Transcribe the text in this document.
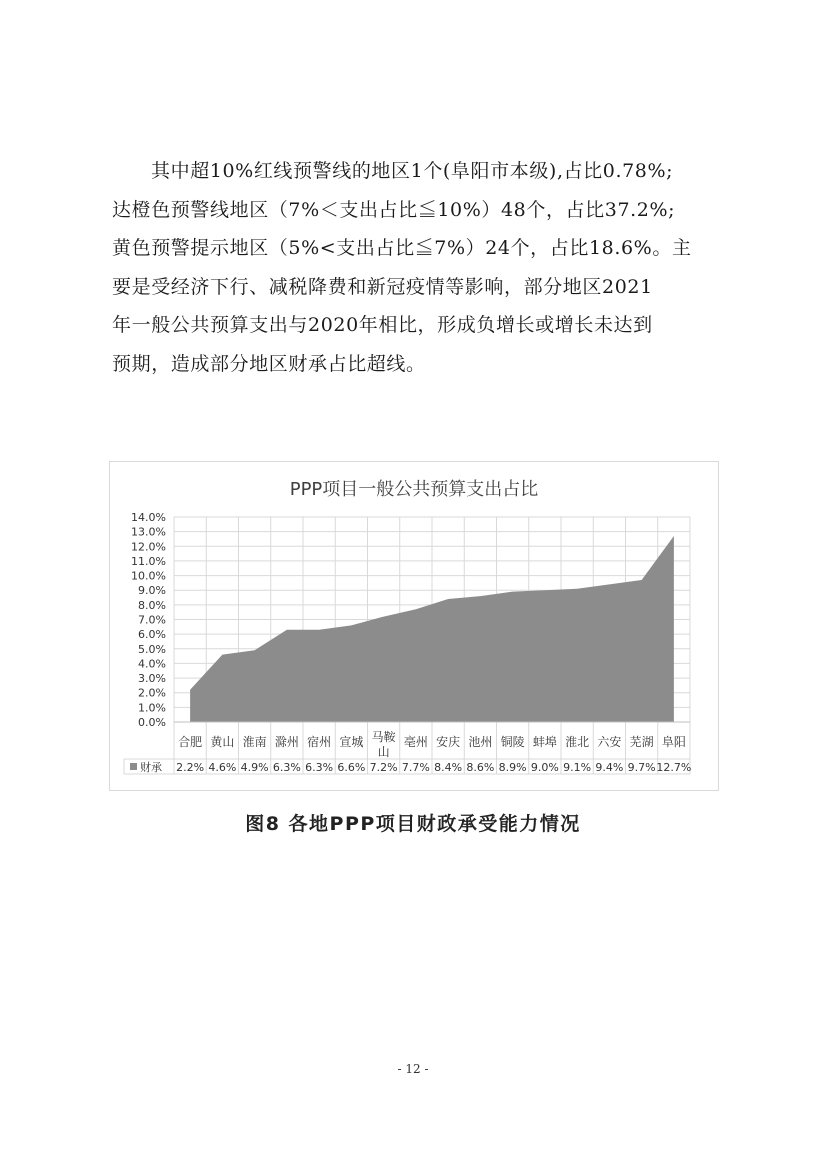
其中超10%红线预警线的地区1个(阜阳市本级),占比0.78%;
达橙色预警线地区（7%＜支出占比≦10%）48个，占比37.2%;
黄色预警提示地区（5%<支出占比≦7%）24个，占比18.6%。主
要是受经济下行、减税降费和新冠疫情等影响，部分地区2021
年一般公共预算支出与2020年相比，形成负增长或增长未达到
预期，造成部分地区财承占比超线。
PPP项目一般公共预算支出占比
0.0%
1.0%
2.0%
3.0%
4.0%
5.0%
6.0%
7.0%
8.0%
9.0%
10.0%
11.0%
12.0%
13.0%
14.0%
合肥 黄山 淮南 滁州 宿州 宣城 马鞍
山
亳州 安庆 池州 铜陵 蚌埠 淮北 六安 芜湖 阜阳
财承 2.2% 4.6% 4.9% 6.3% 6.3% 6.6% 7.2% 7.7% 8.4% 8.6% 8.9% 9.0% 9.1% 9.4% 9.7% 12.7%
图8 各地PPP项目财政承受能力情况
- 12 -
